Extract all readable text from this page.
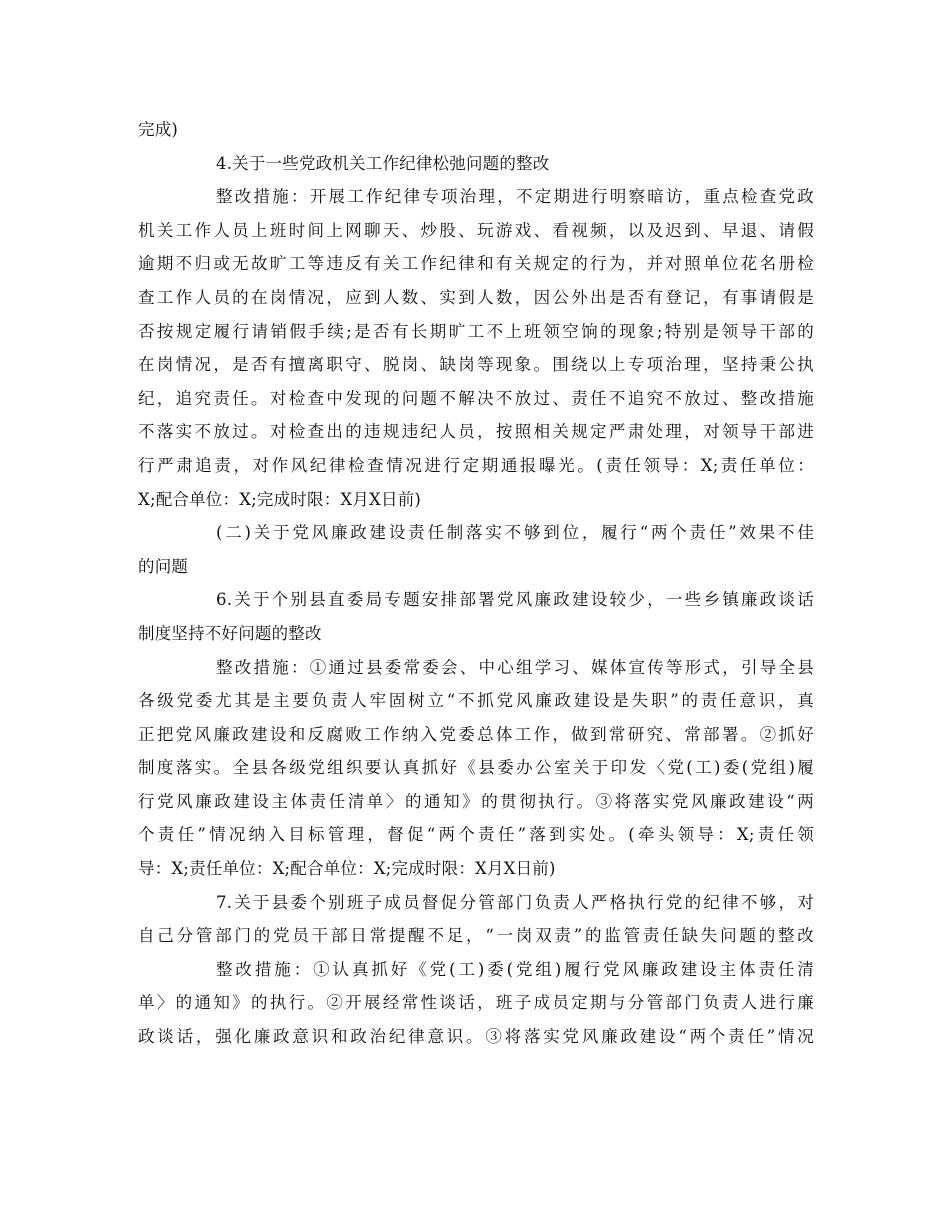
完成)
4.关于一些党政机关工作纪律松弛问题的整改
整改措施：开展工作纪律专项治理，不定期进行明察暗访，重点检查党政
机关工作人员上班时间上网聊天、炒股、玩游戏、看视频，以及迟到、早退、请假
逾期不归或无故旷工等违反有关工作纪律和有关规定的行为，并对照单位花名册检
查工作人员的在岗情况，应到人数、实到人数，因公外出是否有登记，有事请假是
否按规定履行请销假手续;是否有长期旷工不上班领空饷的现象;特别是领导干部的
在岗情况，是否有擅离职守、脱岗、缺岗等现象。围绕以上专项治理，坚持秉公执
纪，追究责任。对检查中发现的问题不解决不放过、责任不追究不放过、整改措施
不落实不放过。对检查出的违规违纪人员，按照相关规定严肃处理，对领导干部进
行严肃追责，对作风纪律检查情况进行定期通报曝光。(责任领导：X;责任单位：
X;配合单位：X;完成时限：X月X日前)
(二)关于党风廉政建设责任制落实不够到位，履行“两个责任”效果不佳
的问题
6.关于个别县直委局专题安排部署党风廉政建设较少，一些乡镇廉政谈话
制度坚持不好问题的整改
整改措施：①通过县委常委会、中心组学习、媒体宣传等形式，引导全县
各级党委尤其是主要负责人牢固树立“不抓党风廉政建设是失职”的责任意识，真
正把党风廉政建设和反腐败工作纳入党委总体工作，做到常研究、常部署。②抓好
制度落实。全县各级党组织要认真抓好《县委办公室关于印发〈党(工)委(党组)履
行党风廉政建设主体责任清单〉的通知》的贯彻执行。③将落实党风廉政建设“两
个责任”情况纳入目标管理，督促“两个责任”落到实处。(牵头领导：X;责任领
导：X;责任单位：X;配合单位：X;完成时限：X月X日前)
7.关于县委个别班子成员督促分管部门负责人严格执行党的纪律不够，对
自己分管部门的党员干部日常提醒不足，“一岗双责”的监管责任缺失问题的整改
整改措施：①认真抓好《党(工)委(党组)履行党风廉政建设主体责任清
单〉的通知》的执行。②开展经常性谈话，班子成员定期与分管部门负责人进行廉
政谈话，强化廉政意识和政治纪律意识。③将落实党风廉政建设“两个责任”情况
